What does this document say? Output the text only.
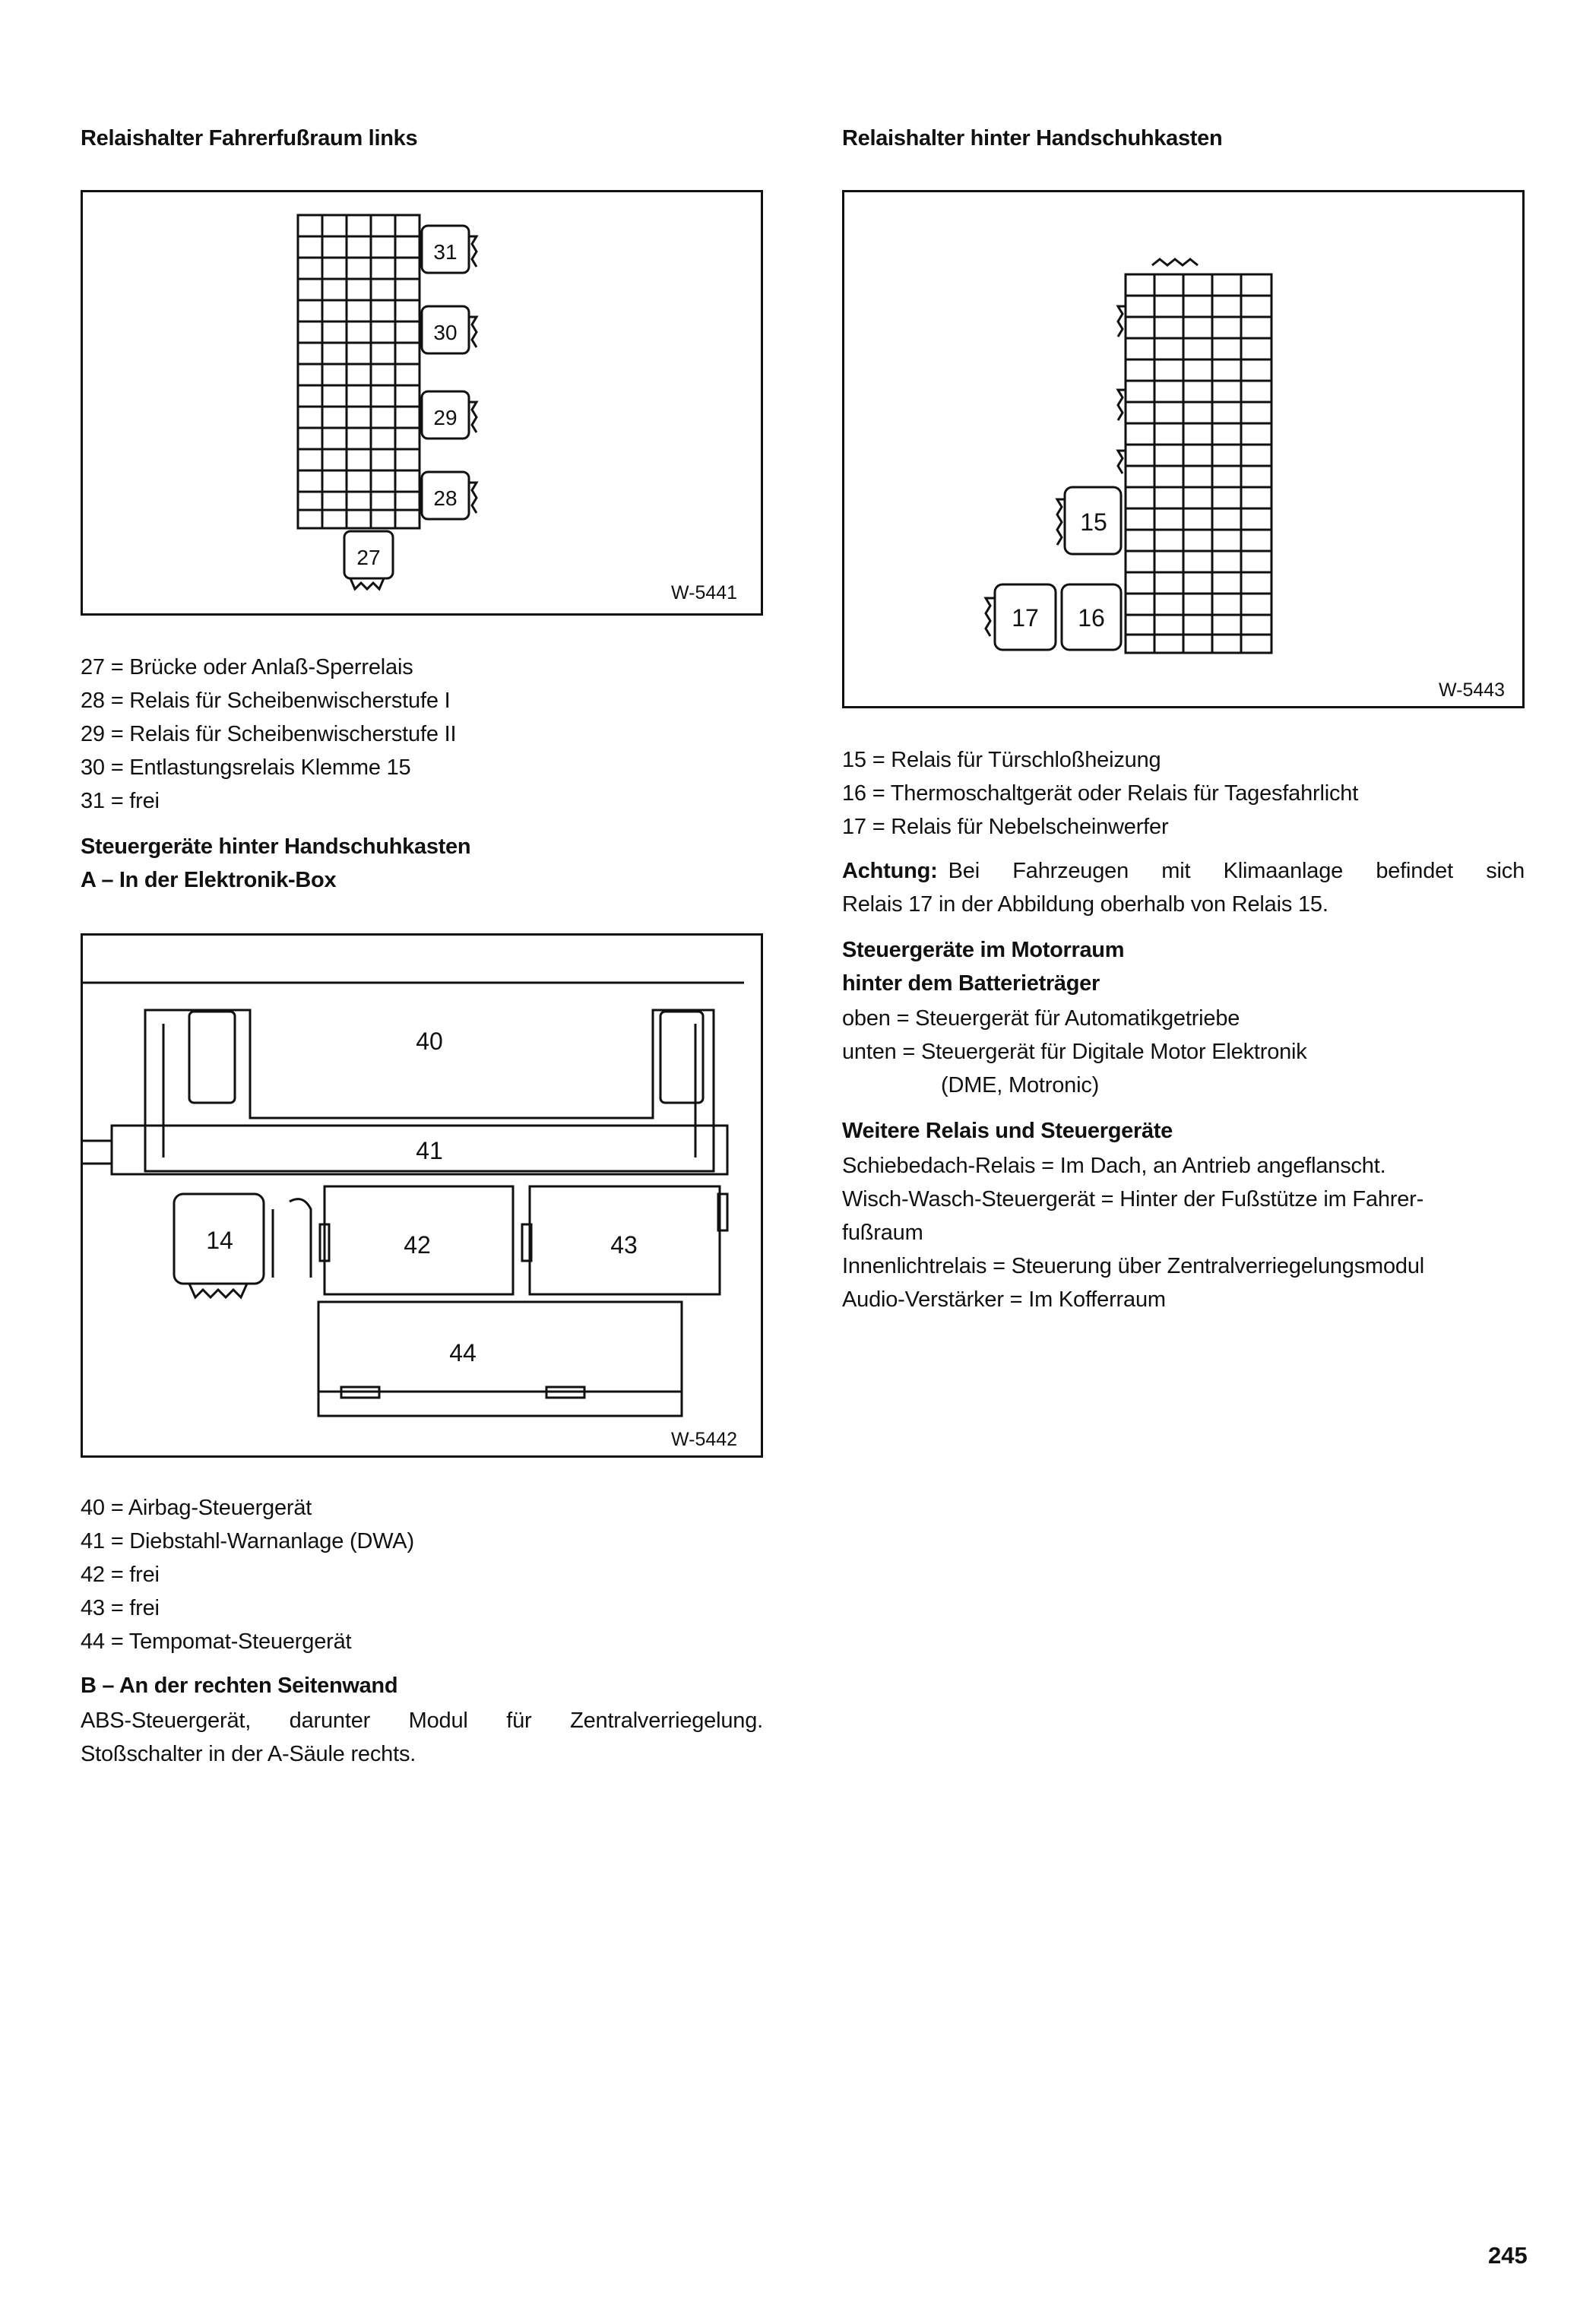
Relaishalter Fahrerfußraum links
31
30
29
28
27
W-5441
27 = Brücke oder Anlaß-Sperrelais
28 = Relais für Scheibenwischerstufe I
29 = Relais für Scheibenwischerstufe II
30 = Entlastungsrelais Klemme 15
31 = frei
Steuergeräte hinter Handschuhkasten
A – In der Elektronik-Box
40
41
14	42	43
44
W-5442
40 = Airbag-Steuergerät
41 = Diebstahl-Warnanlage (DWA)
42 = frei
43 = frei
44 = Tempomat-Steuergerät
B – An der rechten Seitenwand
ABS-Steuergerät, darunter Modul für Zentralverriegelung.
Stoßschalter in der A-Säule rechts.
Relaishalter hinter Handschuhkasten
15
17 16
W-5443
15 = Relais für Türschloßheizung
16 = Thermoschaltgerät oder Relais für Tagesfahrlicht
17 = Relais für Nebelscheinwerfer
Achtung: Bei Fahrzeugen mit Klimaanlage befindet sich
Relais 17 in der Abbildung oberhalb von Relais 15.
Steuergeräte im Motorraum
hinter dem Batterieträger
oben = Steuergerät für Automatikgetriebe
unten = Steuergerät für Digitale Motor Elektronik
(DME, Motronic)
Weitere Relais und Steuergeräte
Schiebedach-Relais = Im Dach, an Antrieb angeflanscht.
Wisch-Wasch-Steuergerät = Hinter der Fußstütze im Fahrer-
fußraum
Innenlichtrelais = Steuerung über Zentralverriegelungsmodul
Audio-Verstärker = Im Kofferraum
245
